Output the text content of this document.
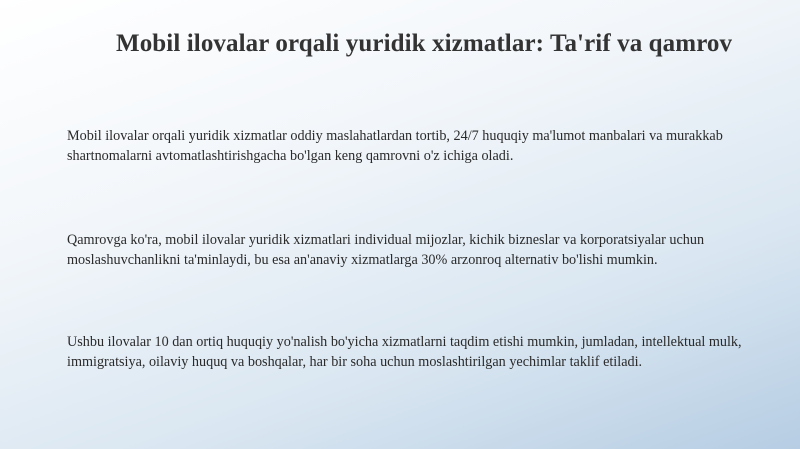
Mobil ilovalar orqali yuridik xizmatlar: Ta'rif va qamrov

Mobil ilovalar orqali yuridik xizmatlar oddiy maslahatlardan tortib, 24/7 huquqiy ma'lumot manbalari va murakkab shartnomalarni avtomatlashtirishgacha bo'lgan keng qamrovni o'z ichiga oladi.

Qamrovga ko'ra, mobil ilovalar yuridik xizmatlari individual mijozlar, kichik bizneslar va korporatsiyalar uchun moslashuvchanlikni ta'minlaydi, bu esa an'anaviy xizmatlarga 30% arzonroq alternativ bo'lishi mumkin.

Ushbu ilovalar 10 dan ortiq huquqiy yo'nalish bo'yicha xizmatlarni taqdim etishi mumkin, jumladan, intellektual mulk, immigratsiya, oilaviy huquq va boshqalar, har bir soha uchun moslashtirilgan yechimlar taklif etiladi.
